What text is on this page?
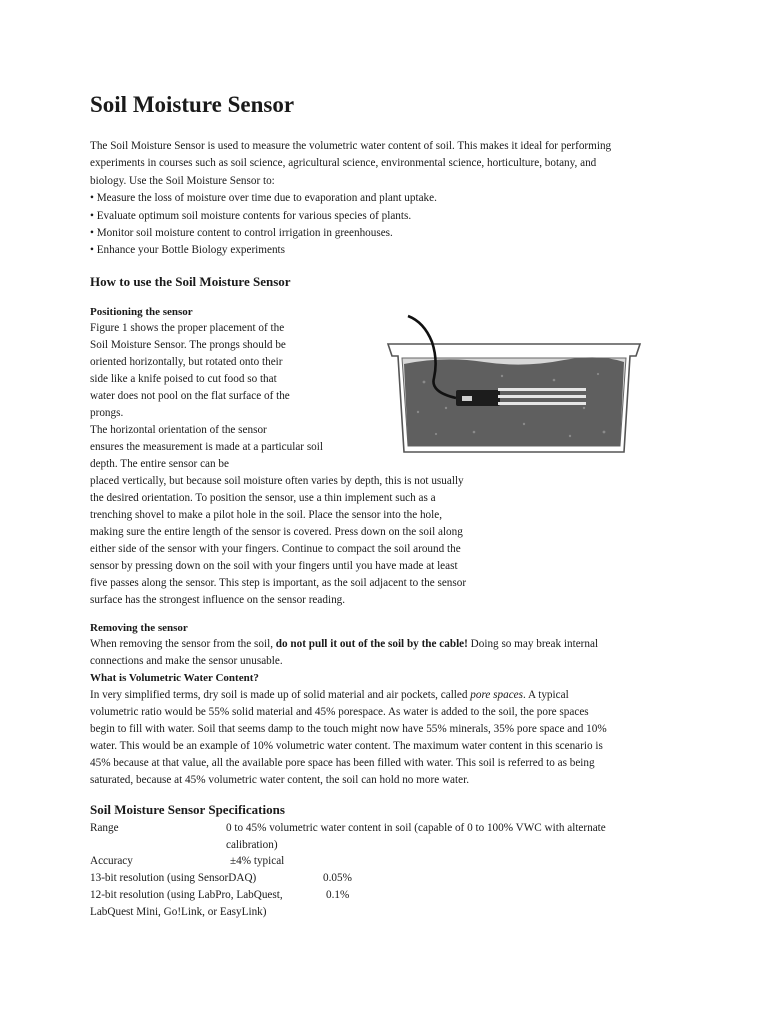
Soil Moisture Sensor

The Soil Moisture Sensor is used to measure the volumetric water content of soil. This makes it ideal for performing

experiments in courses such as soil science, agricultural science, environmental science, horticulture, botany, and

biology. Use the Soil Moisture Sensor to:

• Measure the loss of moisture over time due to evaporation and plant uptake.

• Evaluate optimum soil moisture contents for various species of plants.

• Monitor soil moisture content to control irrigation in greenhouses.

• Enhance your Bottle Biology experiments

How to use the Soil Moisture Sensor
Positioning the sensor

Figure 1 shows the proper placement of the

Soil Moisture Sensor. The prongs should be

oriented horizontally, but rotated onto their

side like a knife poised to cut food so that

water does not pool on the flat surface of the

prongs.

The horizontal orientation of the sensor

ensures the measurement is made at a particular soil

depth. The entire sensor can be

placed vertically, but because soil moisture often varies by depth, this is not usually

the desired orientation. To position the sensor, use a thin implement such as a

trenching shovel to make a pilot hole in the soil. Place the sensor into the hole,

making sure the entire length of the sensor is covered. Press down on the soil along

either side of the sensor with your fingers. Continue to compact the soil around the

sensor by pressing down on the soil with your fingers until you have made at least

five passes along the sensor. This step is important, as the soil adjacent to the sensor

surface has the strongest influence on the sensor reading.

Removing the sensor

When removing the sensor from the soil, do not pull it out of the soil by the cable! Doing so may break internal

connections and make the sensor unusable.

What is Volumetric Water Content?

In very simplified terms, dry soil is made up of solid material and air pockets, called pore spaces. A typical

volumetric ratio would be 55% solid material and 45% porespace. As water is added to the soil, the pore spaces

begin to fill with water. Soil that seems damp to the touch might now have 55% minerals, 35% pore space and 10%

water. This would be an example of 10% volumetric water content. The maximum water content in this scenario is

45% because at that value, all the available pore space has been filled with water. This soil is referred to as being

saturated, because at 45% volumetric water content, the soil can hold no more water.

Soil Moisture Sensor Specifications
Range	0 to 45% volumetric water content in soil (capable of 0 to 100% VWC with alternate
calibration)
Accuracy	±4% typical
13-bit resolution (using SensorDAQ)	0.05%
12-bit resolution (using LabPro, LabQuest,	0.1%
LabQuest Mini, Go!Link, or EasyLink)
